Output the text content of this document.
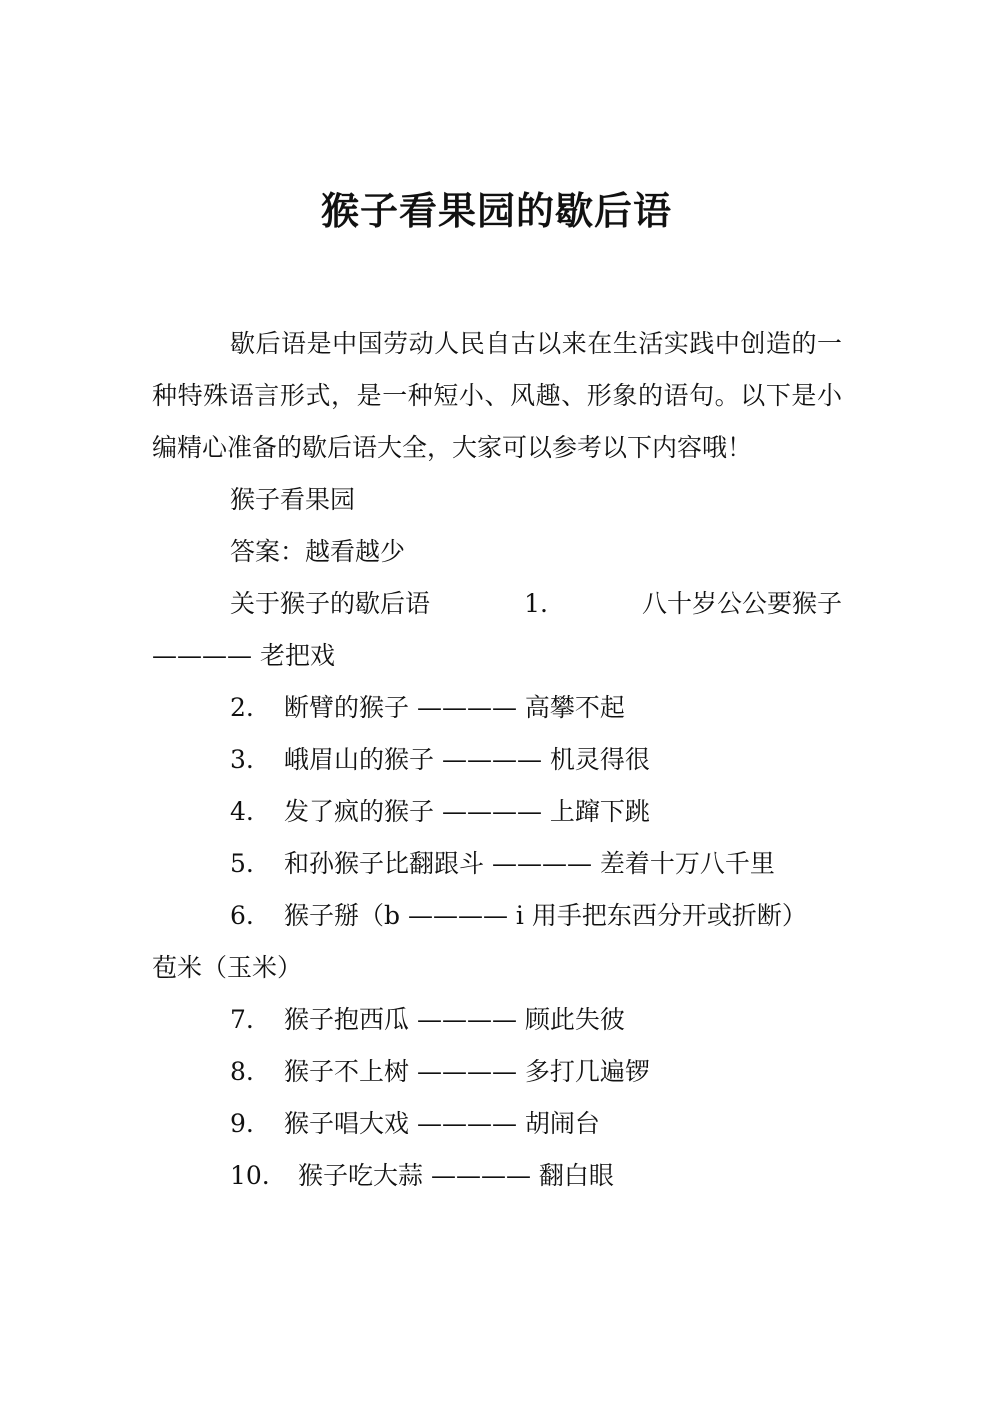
猴子看果园的歇后语

歇后语是中国劳动人民自古以来在生活实践中创造的一种特殊语言形式，是一种短小、风趣、形象的语句。以下是小编精心准备的歇后语大全，大家可以参考以下内容哦！

猴子看果园

答案：越看越少

关于猴子的歇后语	1.	八十岁公公要猴子

———— 老把戏

2. 断臂的猴子 ———— 高攀不起

3. 峨眉山的猴子 ———— 机灵得很

4. 发了疯的猴子 ———— 上蹿下跳

5. 和孙猴子比翻跟斗 ———— 差着十万八千里

6. 猴子掰（b ———— i 用手把东西分开或折断）

苞米（玉米）

7. 猴子抱西瓜 ———— 顾此失彼

8. 猴子不上树 ———— 多打几遍锣

9. 猴子唱大戏 ———— 胡闹台

10. 猴子吃大蒜 ———— 翻白眼
